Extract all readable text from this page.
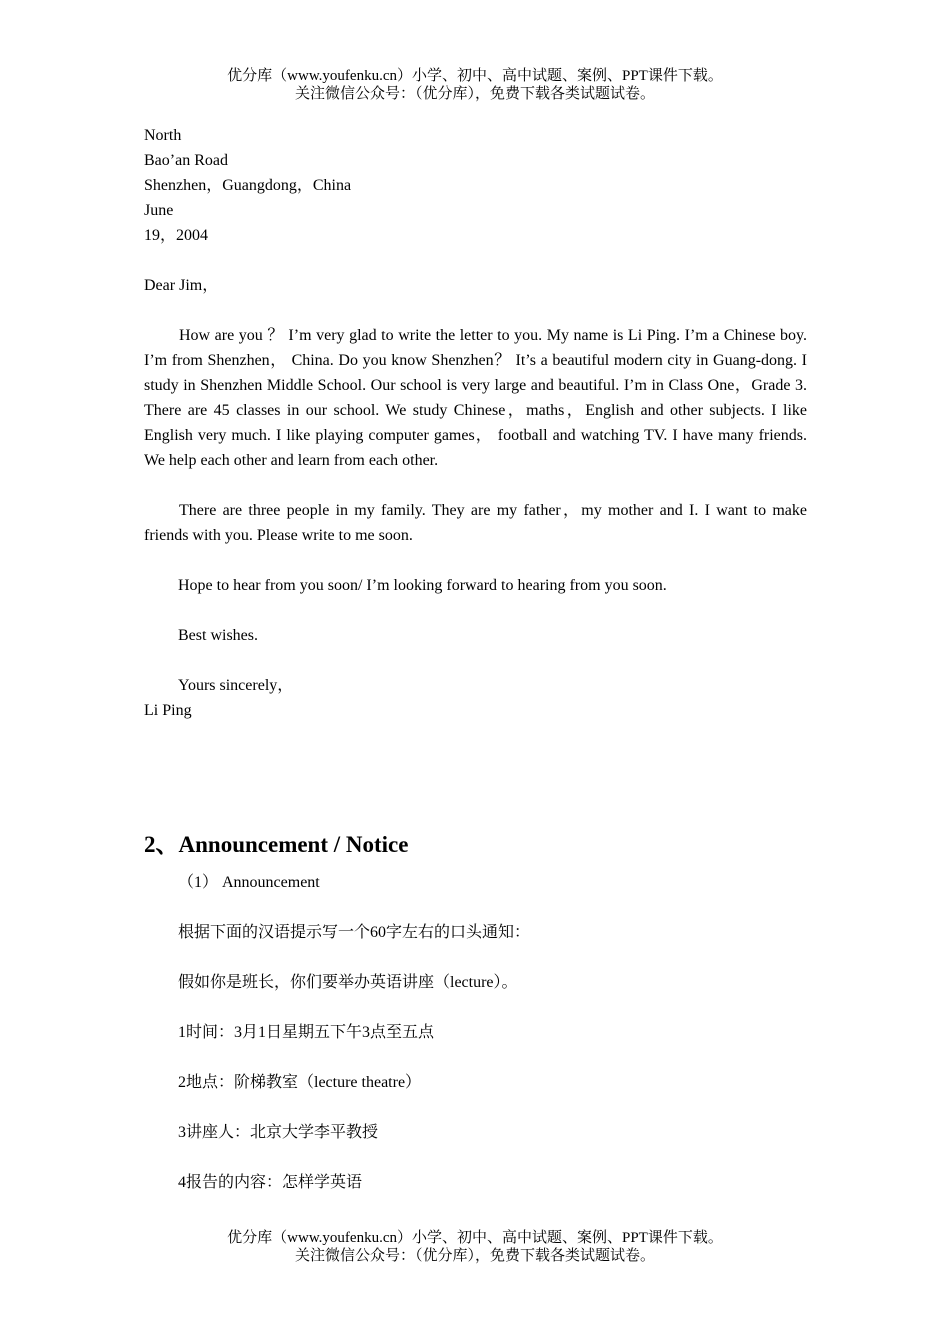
优分库（www.youfenku.cn）小学、初中、高中试题、案例、PPT课件下载。
关注微信公众号：（优分库），免费下载各类试题试卷。
North
Bao’an Road
Shenzhen，Guangdong，China
June
19，2004
Dear Jim，
How are you ？ I’m very glad to write the letter to you. My name is Li Ping. I’m a Chinese boy. I’m from Shenzhen， China. Do you know Shenzhen？ It’s a beautiful modern city in Guang-dong. I study in Shenzhen Middle School. Our school is very large and beautiful. I’m in Class One，Grade 3. There are 45 classes in our school. We study Chinese，maths，English and other subjects. I like English very much. I like playing computer games， football and watching TV. I have many friends. We help each other and learn from each other.
There are three people in my family. They are my father，my mother and I. I want to make friends with you. Please write to me soon.
Hope to hear from you soon/ I’m looking forward to hearing from you soon.
Best wishes.
Yours sincerely，
Li Ping
2、Announcement / Notice
（1） Announcement
根据下面的汉语提示写一个60字左右的口头通知：
假如你是班长，你们要举办英语讲座（lecture）。
1时间：3月1日星期五下午3点至五点
2地点：阶梯教室（lecture theatre）
3讲座人：北京大学李平教授
4报告的内容：怎样学英语
优分库（www.youfenku.cn）小学、初中、高中试题、案例、PPT课件下载。
关注微信公众号：（优分库），免费下载各类试题试卷。
